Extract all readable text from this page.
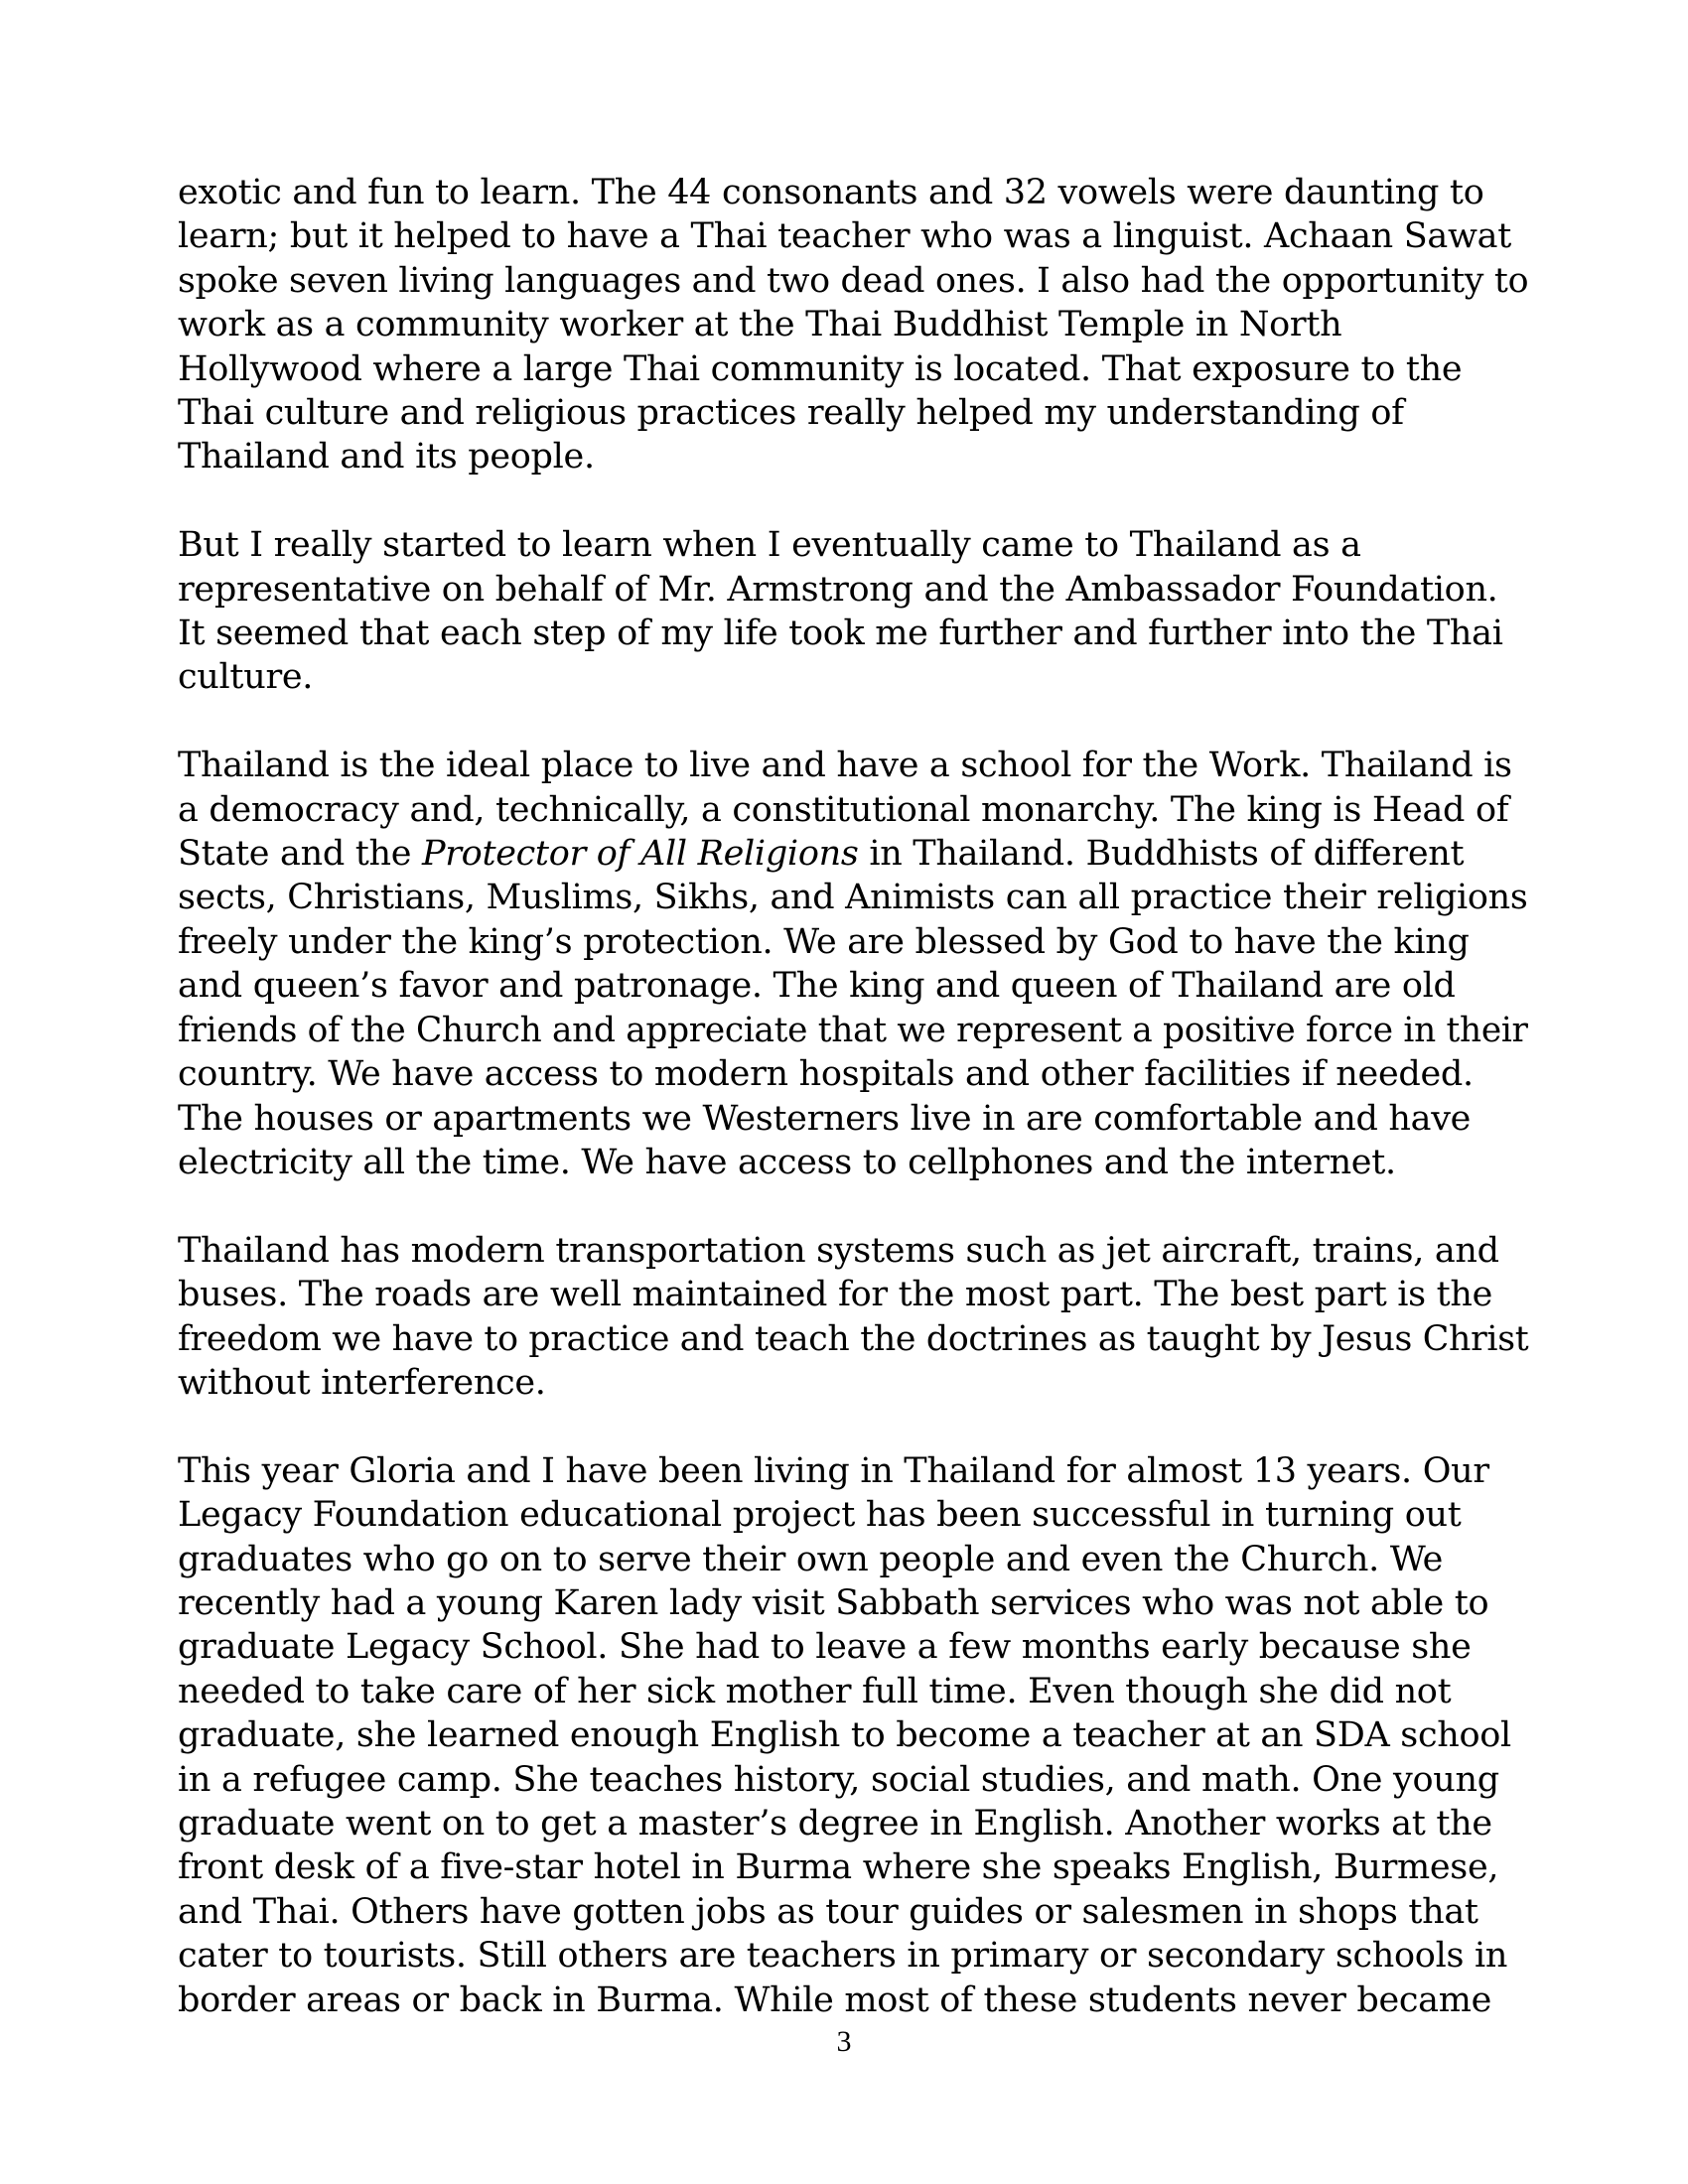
exotic and fun to learn. The 44 consonants and 32 vowels were daunting to
learn; but it helped to have a Thai teacher who was a linguist. Achaan Sawat
spoke seven living languages and two dead ones. I also had the opportunity to
work as a community worker at the Thai Buddhist Temple in North
Hollywood where a large Thai community is located. That exposure to the
Thai culture and religious practices really helped my understanding of
Thailand and its people.

But I really started to learn when I eventually came to Thailand as a
representative on behalf of Mr. Armstrong and the Ambassador Foundation.
It seemed that each step of my life took me further and further into the Thai
culture.

Thailand is the ideal place to live and have a school for the Work. Thailand is
a democracy and, technically, a constitutional monarchy. The king is Head of
State and the Protector of All Religions in Thailand. Buddhists of different
sects, Christians, Muslims, Sikhs, and Animists can all practice their religions
freely under the king’s protection. We are blessed by God to have the king
and queen’s favor and patronage. The king and queen of Thailand are old
friends of the Church and appreciate that we represent a positive force in their
country. We have access to modern hospitals and other facilities if needed.
The houses or apartments we Westerners live in are comfortable and have
electricity all the time. We have access to cellphones and the internet.

Thailand has modern transportation systems such as jet aircraft, trains, and
buses. The roads are well maintained for the most part. The best part is the
freedom we have to practice and teach the doctrines as taught by Jesus Christ
without interference.

This year Gloria and I have been living in Thailand for almost 13 years. Our
Legacy Foundation educational project has been successful in turning out
graduates who go on to serve their own people and even the Church. We
recently had a young Karen lady visit Sabbath services who was not able to
graduate Legacy School. She had to leave a few months early because she
needed to take care of her sick mother full time. Even though she did not
graduate, she learned enough English to become a teacher at an SDA school
in a refugee camp. She teaches history, social studies, and math. One young
graduate went on to get a master’s degree in English. Another works at the
front desk of a five-star hotel in Burma where she speaks English, Burmese,
and Thai. Others have gotten jobs as tour guides or salesmen in shops that
cater to tourists. Still others are teachers in primary or secondary schools in
border areas or back in Burma. While most of these students never became

3
